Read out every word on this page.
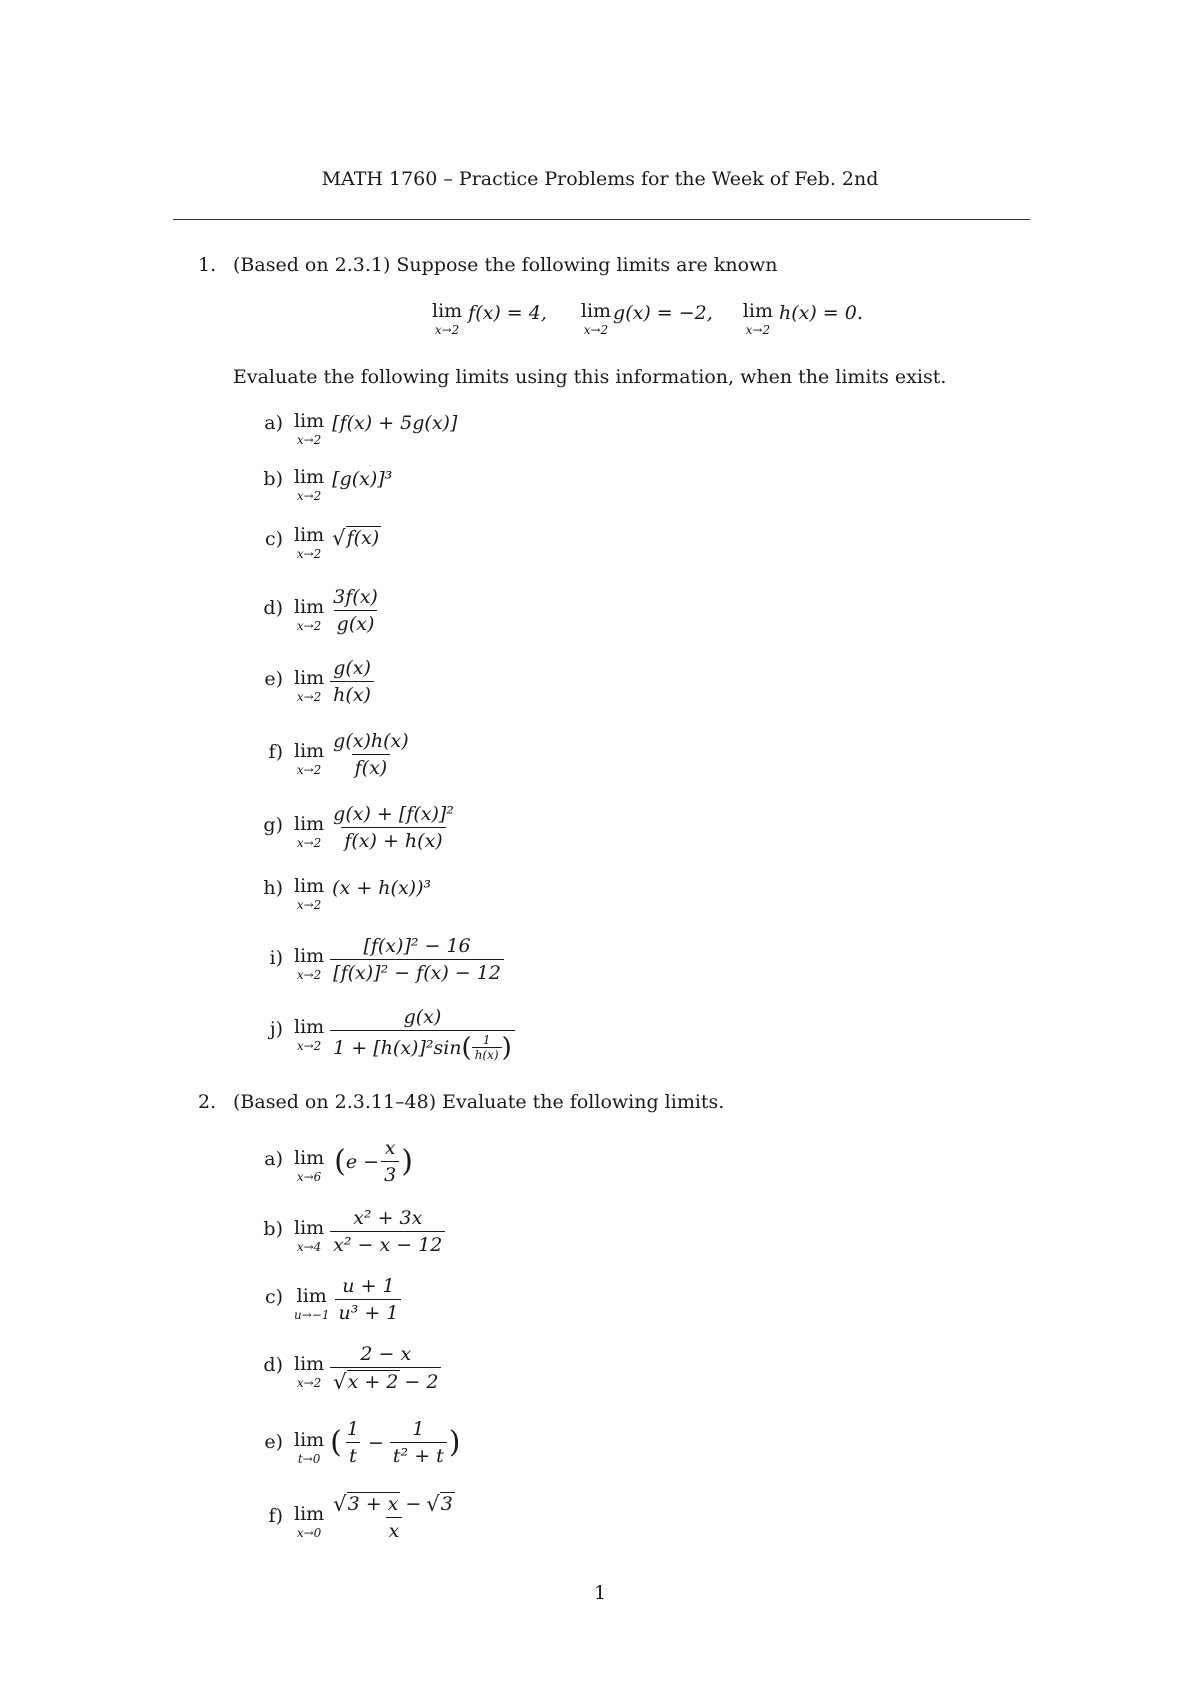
MATH 1760 – Practice Problems for the Week of Feb. 2nd
1. (Based on 2.3.1) Suppose the following limits are known
lim
x→2
f(x) = 4, lim
x→2
g(x) = −2, lim
x→2
h(x) = 0.
Evaluate the following limits using this information, when the limits exist.
a) lim
x→2
[f(x) + 5g(x)]
b) lim
x→2
[g(x)]³
c) lim
x→2
√ f(x)
d) lim
$x\to 2 \frac{3f(x)}{g(x)}$
e) lim
$x\to 2 \frac{g(x)}{h(x)}$
f) lim
$x\to 2 \frac{g(x)h(x)}{f(x)}$
g) lim
$x\to 2 \frac{\text{g(x) + [f(x)]²}}{f(x) + h(x)}$
h) lim
x→2
(x + h(x))³
i) lim
$x\to 2 \frac{\text{[f(x)]² − 16}}{\text{[f(x)]² − f(x) − 12}}$
j) lim
$x\to 2 \frac{g(x)}{1 + [h(x)]^2\sin ( \frac{1}{h(x)} )}$
2. (Based on 2.3.11–48) Evaluate the following limits.
a) lim
x→6 ( $e - \frac{x}{3}$ )
b) lim
$x\to 4 \frac{\text{x² + 3x}}{\text{x² − x − 12}}$
c) lim
$u\to-1 \frac{u + 1}{\text{u³ + 1}}$
d) lim
$x\to 2 \frac{2 - x}{√ x + 2 - 2}$
e) lim
t→0 ( $\frac{1}{t} - \frac{1}{\text{t² + t}}$ )
f) lim
$x\to 0 \frac{√ 3 + x - √ 3}{x}$
1
